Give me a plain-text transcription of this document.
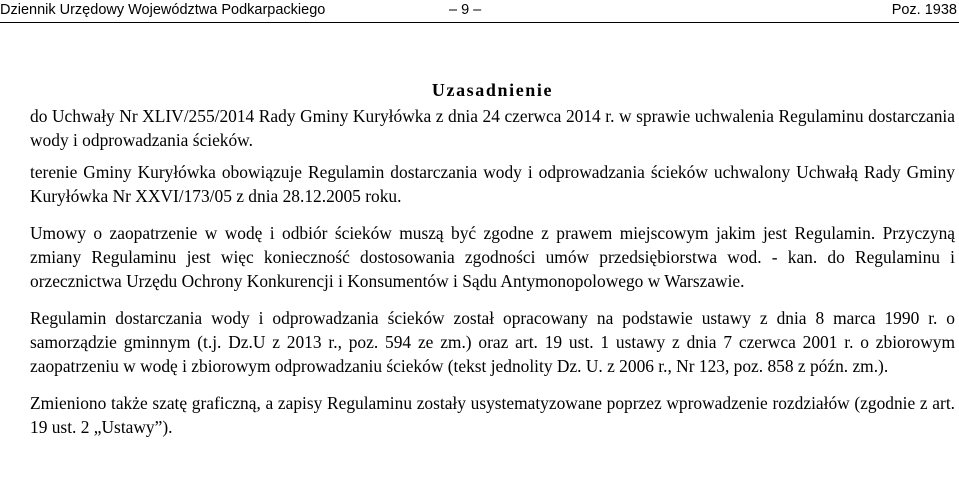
Dziennik Urzędowy Województwa Podkarpackiego	– 9 –	Poz. 1938
Uzasadnienie

do Uchwały Nr XLIV/255/2014 Rady Gminy Kuryłówka z dnia 24 czerwca 2014 r. w sprawie uchwalenia Regulaminu dostarczania wody i odprowadzania ścieków.

terenie Gminy Kuryłówka obowiązuje Regulamin dostarczania wody i odprowadzania ścieków uchwalony Uchwałą Rady Gminy Kuryłówka Nr XXVI/173/05 z dnia 28.12.2005 roku.

Umowy o zaopatrzenie w wodę i odbiór ścieków muszą być zgodne z prawem miejscowym jakim jest Regulamin. Przyczyną zmiany Regulaminu jest więc konieczność dostosowania zgodności umów przedsiębiorstwa wod. - kan. do Regulaminu i orzecznictwa Urzędu Ochrony Konkurencji i Konsumentów i Sądu Antymonopolowego w Warszawie.

Regulamin dostarczania wody i odprowadzania ścieków został opracowany na podstawie ustawy z dnia 8 marca 1990 r. o samorządzie gminnym (t.j. Dz.U z 2013 r., poz. 594 ze zm.) oraz art. 19 ust. 1 ustawy z dnia 7 czerwca 2001 r. o zbiorowym zaopatrzeniu w wodę i zbiorowym odprowadzaniu ścieków (tekst jednolity Dz. U. z 2006 r., Nr 123, poz. 858 z późn. zm.).

Zmieniono także szatę graficzną, a zapisy Regulaminu zostały usystematyzowane poprzez wprowadzenie rozdziałów (zgodnie z art. 19 ust. 2 „Ustawy”).
